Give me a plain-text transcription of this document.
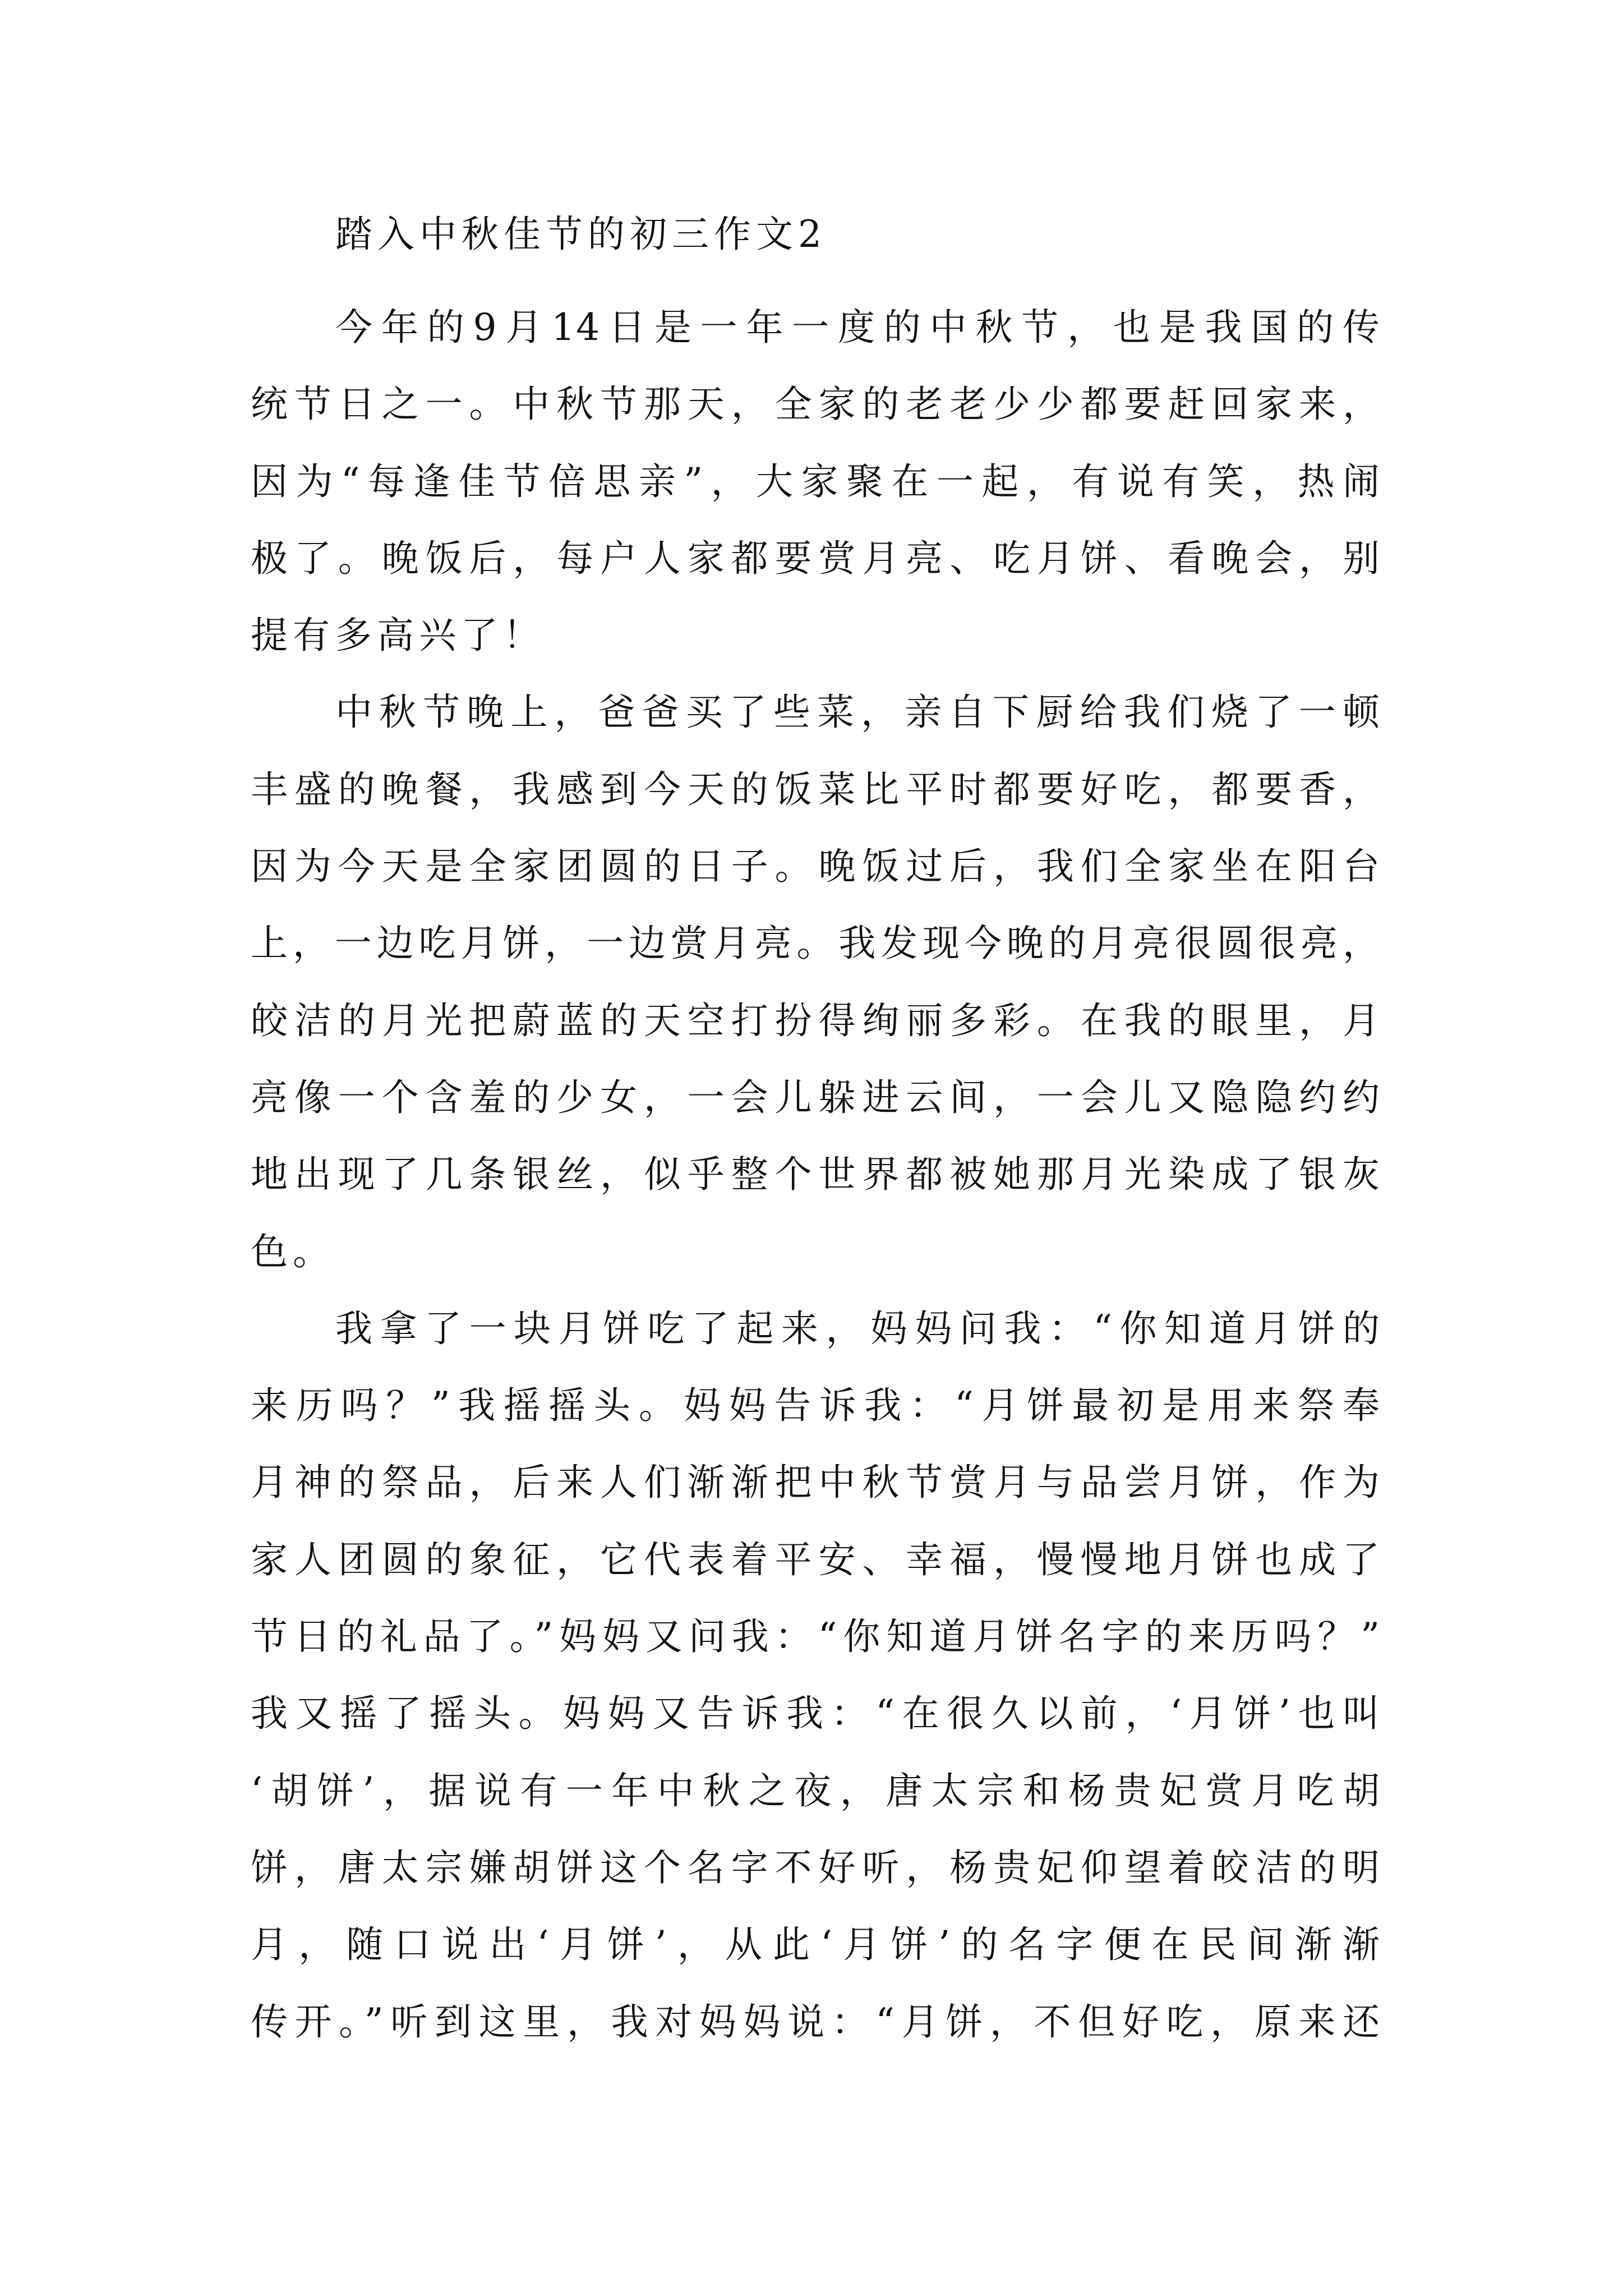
踏入中秋佳节的初三作文2
今年的9月14日是一年一度的中秋节，也是我国的传
统节日之一。中秋节那天，全家的老老少少都要赶回家来，
因为“每逢佳节倍思亲”，大家聚在一起，有说有笑，热闹
极了。晚饭后，每户人家都要赏月亮、吃月饼、看晚会，别
提有多高兴了！
中秋节晚上，爸爸买了些菜，亲自下厨给我们烧了一顿
丰盛的晚餐，我感到今天的饭菜比平时都要好吃，都要香，
因为今天是全家团圆的日子。晚饭过后，我们全家坐在阳台
上，一边吃月饼，一边赏月亮。我发现今晚的月亮很圆很亮，
皎洁的月光把蔚蓝的天空打扮得绚丽多彩。在我的眼里，月
亮像一个含羞的少女，一会儿躲进云间，一会儿又隐隐约约
地出现了几条银丝，似乎整个世界都被她那月光染成了银灰
色。
我拿了一块月饼吃了起来，妈妈问我：“你知道月饼的
来历吗？”我摇摇头。妈妈告诉我：“月饼最初是用来祭奉
月神的祭品，后来人们渐渐把中秋节赏月与品尝月饼，作为
家人团圆的象征，它代表着平安、幸福，慢慢地月饼也成了
节日的礼品了。”妈妈又问我：“你知道月饼名字的来历吗？”
我又摇了摇头。妈妈又告诉我：“在很久以前，‘月饼’也叫
‘胡饼’，据说有一年中秋之夜，唐太宗和杨贵妃赏月吃胡
饼，唐太宗嫌胡饼这个名字不好听，杨贵妃仰望着皎洁的明
月，随口说出‘月饼’，从此‘月饼’的名字便在民间渐渐
传开。”听到这里，我对妈妈说：“月饼，不但好吃，原来还
